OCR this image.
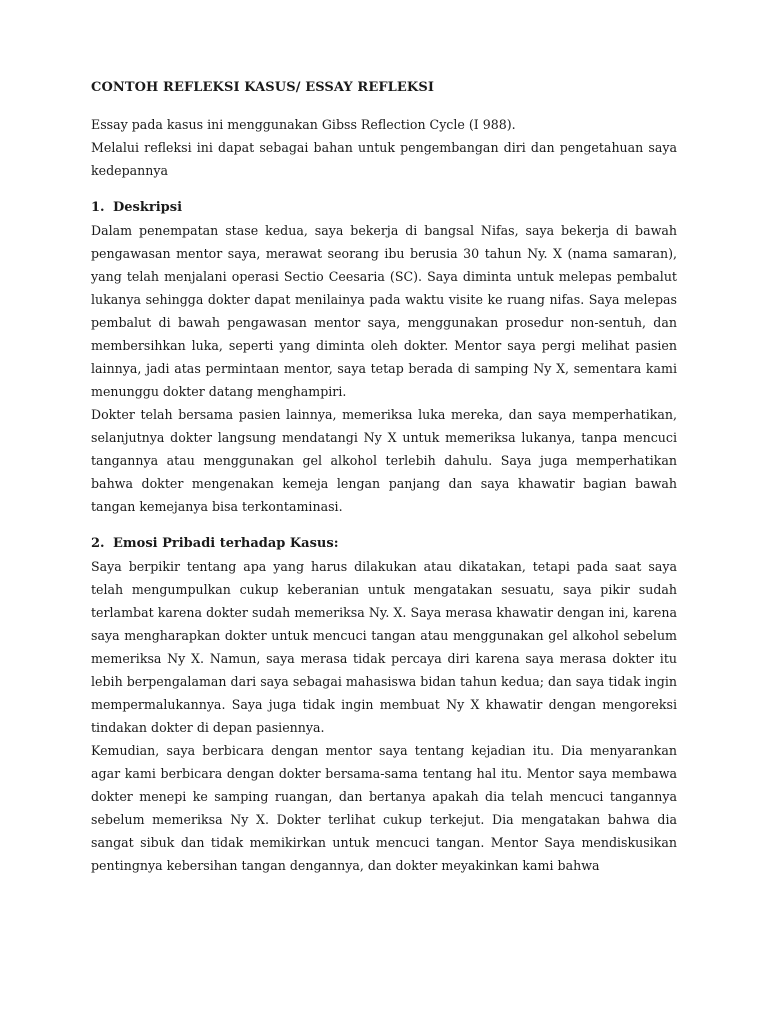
CONTOH REFLEKSI KASUS/ ESSAY REFLEKSI

Essay pada kasus ini menggunakan Gibss Reflection Cycle (I 988).

Melalui refleksi ini dapat sebagai bahan untuk pengembangan diri dan pengetahuan saya kedepannya

1. Deskripsi

Dalam penempatan stase kedua, saya bekerja di bangsal Nifas, saya bekerja di bawah pengawasan mentor saya, merawat seorang ibu berusia 30 tahun Ny. X (nama samaran), yang telah menjalani operasi Sectio Ceesaria (SC). Saya diminta untuk melepas pembalut lukanya sehingga dokter dapat menilainya pada waktu visite ke ruang nifas. Saya melepas pembalut di bawah pengawasan mentor saya, menggunakan prosedur non-sentuh, dan membersihkan luka, seperti yang diminta oleh dokter. Mentor saya pergi melihat pasien lainnya, jadi atas permintaan mentor, saya tetap berada di samping Ny X, sementara kami menunggu dokter datang menghampiri.

Dokter telah bersama pasien lainnya, memeriksa luka mereka, dan saya memperhatikan, selanjutnya dokter langsung mendatangi Ny X untuk memeriksa lukanya, tanpa mencuci tangannya atau menggunakan gel alkohol terlebih dahulu. Saya juga memperhatikan bahwa dokter mengenakan kemeja lengan panjang dan saya khawatir bagian bawah tangan kemejanya bisa terkontaminasi.

2. Emosi Pribadi terhadap Kasus:

Saya berpikir tentang apa yang harus dilakukan atau dikatakan, tetapi pada saat saya telah mengumpulkan cukup keberanian untuk mengatakan sesuatu, saya pikir sudah terlambat karena dokter sudah memeriksa Ny. X. Saya merasa khawatir dengan ini, karena saya mengharapkan dokter untuk mencuci tangan atau menggunakan gel alkohol sebelum memeriksa Ny X. Namun, saya merasa tidak percaya diri karena saya merasa dokter itu lebih berpengalaman dari saya sebagai mahasiswa bidan tahun kedua; dan saya tidak ingin mempermalukannya. Saya juga tidak ingin membuat Ny X khawatir dengan mengoreksi tindakan dokter di depan pasiennya.

Kemudian, saya berbicara dengan mentor saya tentang kejadian itu. Dia menyarankan agar kami berbicara dengan dokter bersama-sama tentang hal itu. Mentor saya membawa dokter menepi ke samping ruangan, dan bertanya apakah dia telah mencuci tangannya sebelum memeriksa Ny X. Dokter terlihat cukup terkejut. Dia mengatakan bahwa dia sangat sibuk dan tidak memikirkan untuk mencuci tangan. Mentor Saya mendiskusikan pentingnya kebersihan tangan dengannya, dan dokter meyakinkan kami bahwa
